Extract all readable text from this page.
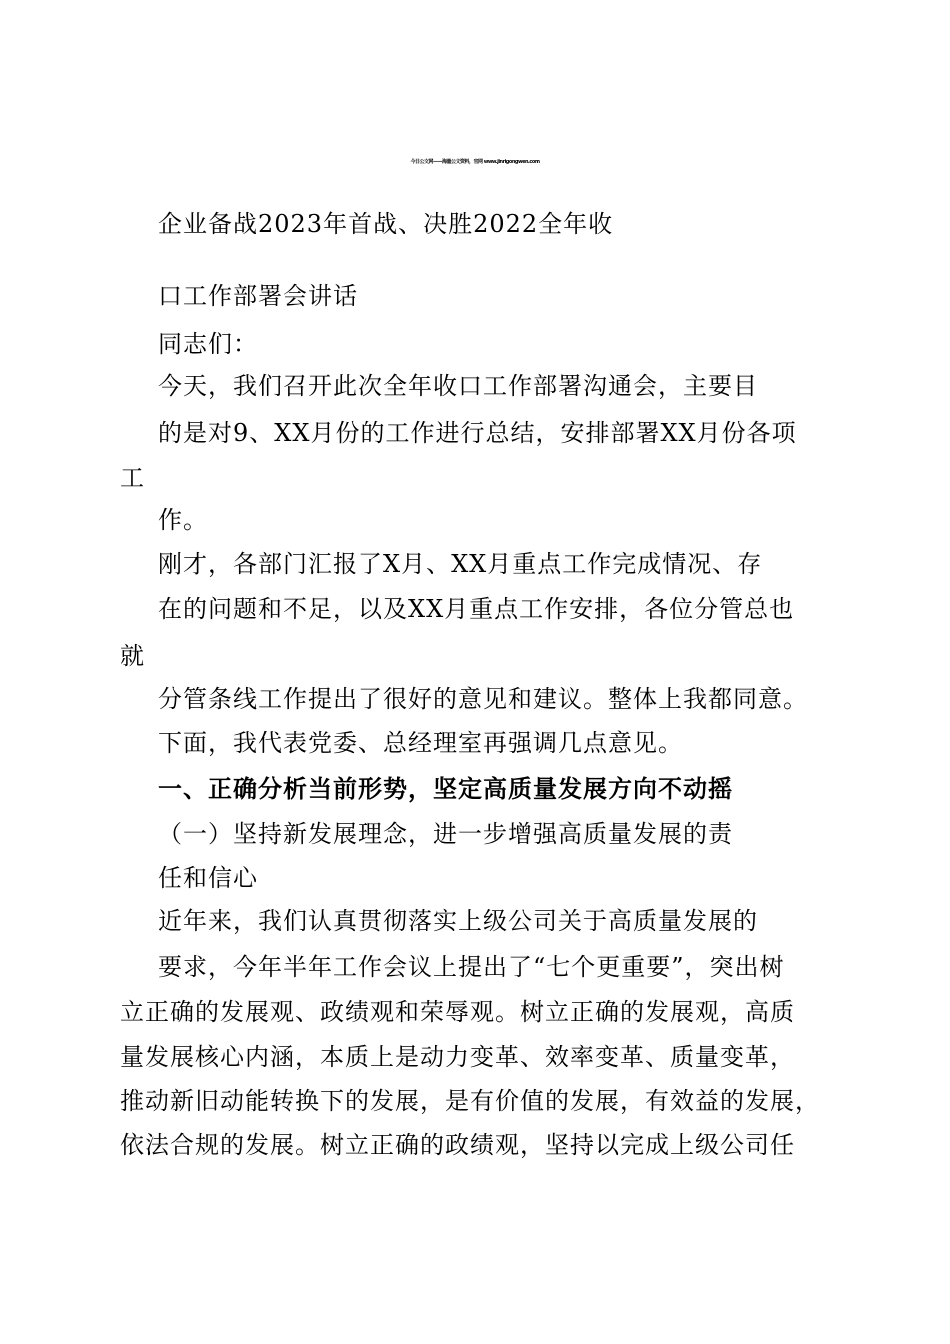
今日公文网——海量公文资料，官网 www.jinrigongwen.com
企业备战2023年首战、决胜2022全年收
口工作部署会讲话
同志们：
今天，我们召开此次全年收口工作部署沟通会，主要目
的是对9、XX月份的工作进行总结，安排部署XX月份各项
工
作。
刚才，各部门汇报了X月、XX月重点工作完成情况、存
在的问题和不足，以及XX月重点工作安排，各位分管总也
就
分管条线工作提出了很好的意见和建议。整体上我都同意。
下面，我代表党委、总经理室再强调几点意见。
一、正确分析当前形势，坚定高质量发展方向不动摇
（一）坚持新发展理念，进一步增强高质量发展的责
任和信心
近年来，我们认真贯彻落实上级公司关于高质量发展的
要求，今年半年工作会议上提出了“七个更重要”，突出树
立正确的发展观、政绩观和荣辱观。树立正确的发展观，高质
量发展核心内涵，本质上是动力变革、效率变革、质量变革，
推动新旧动能转换下的发展，是有价值的发展，有效益的发展，
依法合规的发展。树立正确的政绩观，坚持以完成上级公司任
